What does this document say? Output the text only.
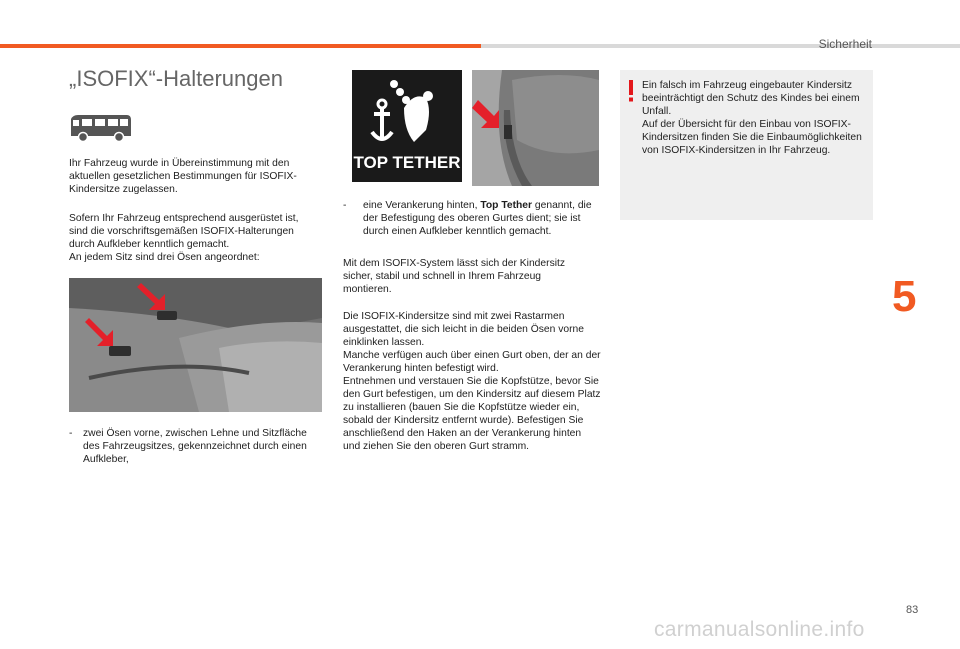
Sicherheit
„ISOFIX“-Halterungen
Ihr Fahrzeug wurde in Übereinstimmung mit den aktuellen gesetzlichen Bestimmungen für ISOFIX-Kindersitze zugelassen.
Sofern Ihr Fahrzeug entsprechend ausgerüstet ist,
sind die vorschriftsgemäßen ISOFIX-Halterungen
durch Aufkleber kenntlich gemacht.
An jedem Sitz sind drei Ösen angeordnet:
-	zwei Ösen vorne, zwischen Lehne und Sitzfläche des Fahrzeugsitzes, gekennzeichnet durch einen Aufkleber,
TOP TETHER
-	eine Verankerung hinten, Top Tether genannt, die der Befestigung des oberen Gurtes dient; sie ist durch einen Aufkleber kenntlich gemacht.
Mit dem ISOFIX-System lässt sich der Kindersitz sicher, stabil und schnell in Ihrem Fahrzeug montieren.
Die ISOFIX-Kindersitze sind mit zwei Rastarmen ausgestattet, die sich leicht in die beiden Ösen vorne einklinken lassen.
Manche verfügen auch über einen Gurt oben, der an der Verankerung hinten befestigt wird.
Entnehmen und verstauen Sie die Kopfstütze, bevor Sie den Gurt befestigen, um den Kindersitz auf diesem Platz zu installieren (bauen Sie die Kopfstütze wieder ein, sobald der Kindersitz entfernt wurde). Befestigen Sie anschließend den Haken an der Verankerung hinten und ziehen Sie den oberen Gurt stramm.
Ein falsch im Fahrzeug eingebauter Kindersitz beeinträchtigt den Schutz des Kindes bei einem Unfall.
Auf der Übersicht für den Einbau von ISOFIX-Kindersitzen finden Sie die Einbaumöglichkeiten von ISOFIX-Kindersitzen in Ihr Fahrzeug.
5
83
carmanualsonline.info
